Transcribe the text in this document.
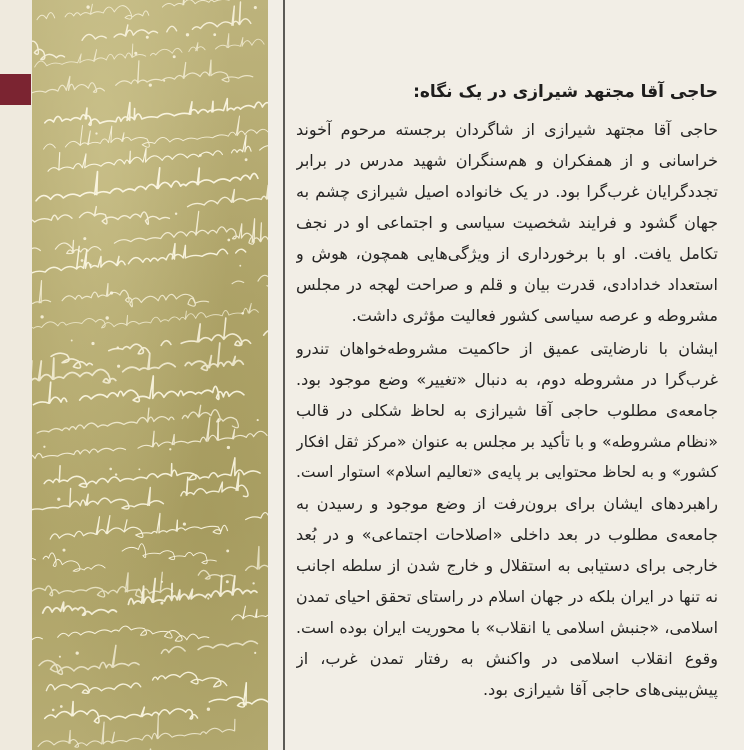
حاجی آقا مجتهد شیرازی در یک نگاه:
حاجی آقا مجتهد شیرازی از شاگردان برجسته مرحوم آخوند
خراسانی و از همفکران و هم‌سنگران شهید مدرس در برابر
تجددگرایان غرب‌گرا بود. در یک خانواده اصیل شیرازی چشم به
جهان گشود و فرایند شخصیت سیاسی و اجتماعی او در نجف
تکامل یافت. او با برخورداری از ویژگی‌هایی همچون، هوش و
استعداد خدادادی، قدرت بیان و قلم و صراحت لهجه در مجلس
مشروطه و عرصه سیاسی کشور فعالیت مؤثری داشت.
ایشان با نارضایتی عمیق از حاکمیت مشروطه‌خواهان تندرو
غرب‌گرا در مشروطه دوم، به دنبال «تغییر» وضع موجود بود.
جامعه‌ی مطلوب حاجی آقا شیرازی به لحاظ شکلی در قالب
«نظام مشروطه» و با تأکید بر مجلس به عنوان «مرکز ثقل افکار
کشور» و به لحاظ محتوایی بر پایه‌ی «تعالیم اسلام» استوار است.
راهبردهای ایشان برای برون‌رفت از وضع موجود و رسیدن به
جامعه‌ی مطلوب در بعد داخلی «اصلاحات اجتماعی» و در بُعد
خارجی برای دستیابی به استقلال و خارج شدن از سلطه اجانب
نه تنها در ایران بلکه در جهان اسلام در راستای تحقق احیای تمدن
اسلامی، «جنبش اسلامی یا انقلاب» با محوریت ایران بوده است.
وقوع انقلاب اسلامی در واکنش به رفتار تمدن غرب، از
پیش‌بینی‌های حاجی آقا شیرازی بود.
